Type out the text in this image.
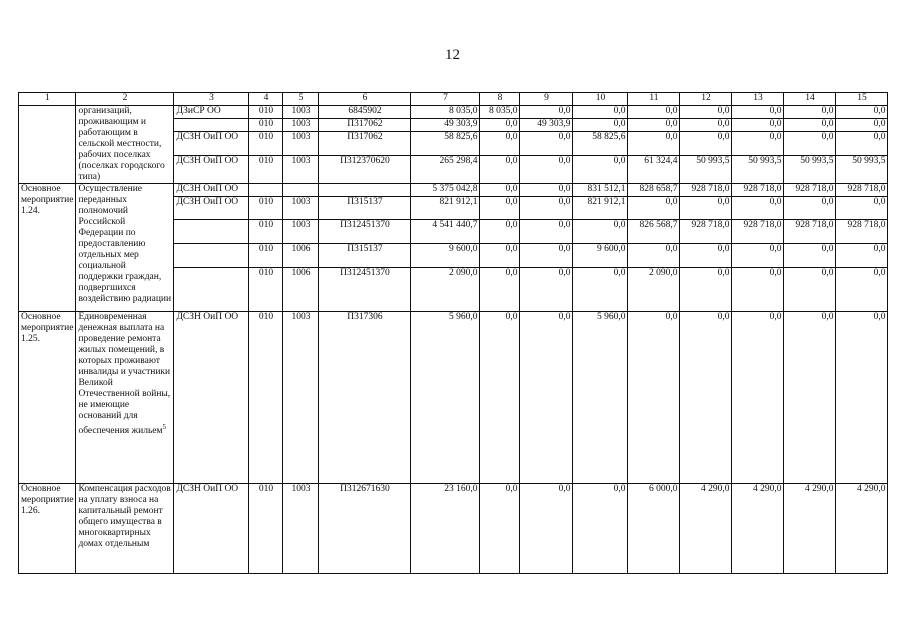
12
1	2	3	4	5	6	7	8	9	10	11	12	13	14	15
	организаций, проживающим и работающим в сельской местности, рабочих поселках (поселках городского типа)	ДЗиСР ОО	010	1003	6845902	8 035,0	8 035,0	0,0	0,0	0,0	0,0	0,0	0,0	0,0
			010	1003	П317062	49 303,9	0,0	49 303,9	0,0	0,0	0,0	0,0	0,0	0,0
		ДСЗН ОиП ОО	010	1003	П317062	58 825,6	0,0	0,0	58 825,6	0,0	0,0	0,0	0,0	0,0
		ДСЗН ОиП ОО	010	1003	П312370620	265 298,4	0,0	0,0	0,0	61 324,4	50 993,5	50 993,5	50 993,5	50 993,5
Основное мероприятие 1.24.	Осуществление переданных полномочий Российской Федерации по предоставлению отдельных мер социальной поддержки граждан, подвергшихся воздействию радиации	ДСЗН ОиП ОО				5 375 042,8	0,0	0,0	831 512,1	828 658,7	928 718,0	928 718,0	928 718,0	928 718,0
		ДСЗН ОиП ОО	010	1003	П315137	821 912,1	0,0	0,0	821 912,1	0,0	0,0	0,0	0,0	0,0
			010	1003	П312451370	4 541 440,7	0,0	0,0	0,0	826 568,7	928 718,0	928 718,0	928 718,0	928 718,0
			010	1006	П315137	9 600,0	0,0	0,0	9 600,0	0,0	0,0	0,0	0,0	0,0
			010	1006	П312451370	2 090,0	0,0	0,0	0,0	2 090,0	0,0	0,0	0,0	0,0
Основное мероприятие 1.25.	Единовременная денежная выплата на проведение ремонта жилых помещений, в которых проживают инвалиды и участники Великой Отечественной войны, не имеющие оснований для обеспечения жильем$^5$	ДСЗН ОиП ОО	010	1003	П317306	5 960,0	0,0	0,0	5 960,0	0,0	0,0	0,0	0,0	0,0
Основное мероприятие 1.26.	Компенсация расходов на уплату взноса на капитальный ремонт общего имущества в многоквартирных домах отдельным	ДСЗН ОиП ОО	010	1003	П312671630	23 160,0	0,0	0,0	0,0	6 000,0	4 290,0	4 290,0	4 290,0	4 290,0
